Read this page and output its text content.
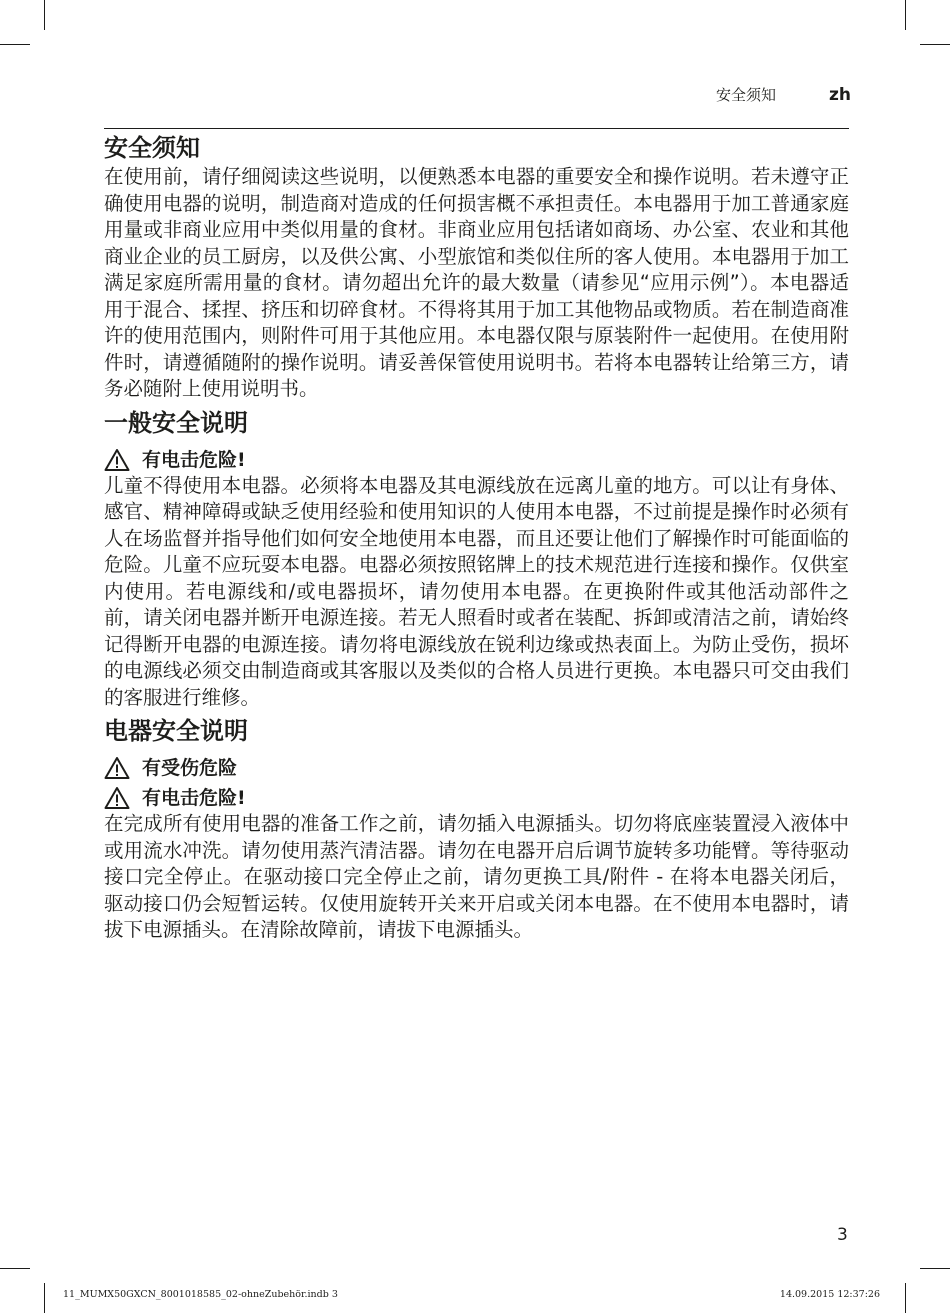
安全须知	zh
安全须知

在使用前，请仔细阅读这些说明，以便熟悉本电器的重要安全和操作说明。若未遵守正确使用电器的说明，制造商对造成的任何损害概不承担责任。本电器用于加工普通家庭用量或非商业应用中类似用量的食材。非商业应用包括诸如商场、办公室、农业和其他商业企业的员工厨房，以及供公寓、小型旅馆和类似住所的客人使用。本电器用于加工满足家庭所需用量的食材。请勿超出允许的最大数量（请参见“应用示例”）。本电器适用于混合、揉捏、挤压和切碎食材。不得将其用于加工其他物品或物质。若在制造商准许的使用范围内，则附件可用于其他应用。本电器仅限与原装附件一起使用。在使用附件时，请遵循随附的操作说明。请妥善保管使用说明书。若将本电器转让给第三方，请务必随附上使用说明书。

一般安全说明
有电击危险!

儿童不得使用本电器。必须将本电器及其电源线放在远离儿童的地方。可以让有身体、感官、精神障碍或缺乏使用经验和使用知识的人使用本电器，不过前提是操作时必须有人在场监督并指导他们如何安全地使用本电器，而且还要让他们了解操作时可能面临的危险。儿童不应玩耍本电器。电器必须按照铭牌上的技术规范进行连接和操作。仅供室内使用。若电源线和/或电器损坏，请勿使用本电器。在更换附件或其他活动部件之前，请关闭电器并断开电源连接。若无人照看时或者在装配、拆卸或清洁之前，请始终记得断开电器的电源连接。请勿将电源线放在锐利边缘或热表面上。为防止受伤，损坏的电源线必须交由制造商或其客服以及类似的合格人员进行更换。本电器只可交由我们的客服进行维修。

电器安全说明
有受伤危险
有电击危险!

在完成所有使用电器的准备工作之前，请勿插入电源插头。切勿将底座装置浸入液体中或用流水冲洗。请勿使用蒸汽清洁器。请勿在电器开启后调节旋转多功能臂。等待驱动接口完全停止。在驱动接口完全停止之前，请勿更换工具/附件 - 在将本电器关闭后，驱动接口仍会短暂运转。仅使用旋转开关来开启或关闭本电器。在不使用本电器时，请拔下电源插头。在清除故障前，请拔下电源插头。

3
11_MUMX50GXCN_8001018585_02-ohneZubehör.indb 3	14.09.2015 12:37:26
